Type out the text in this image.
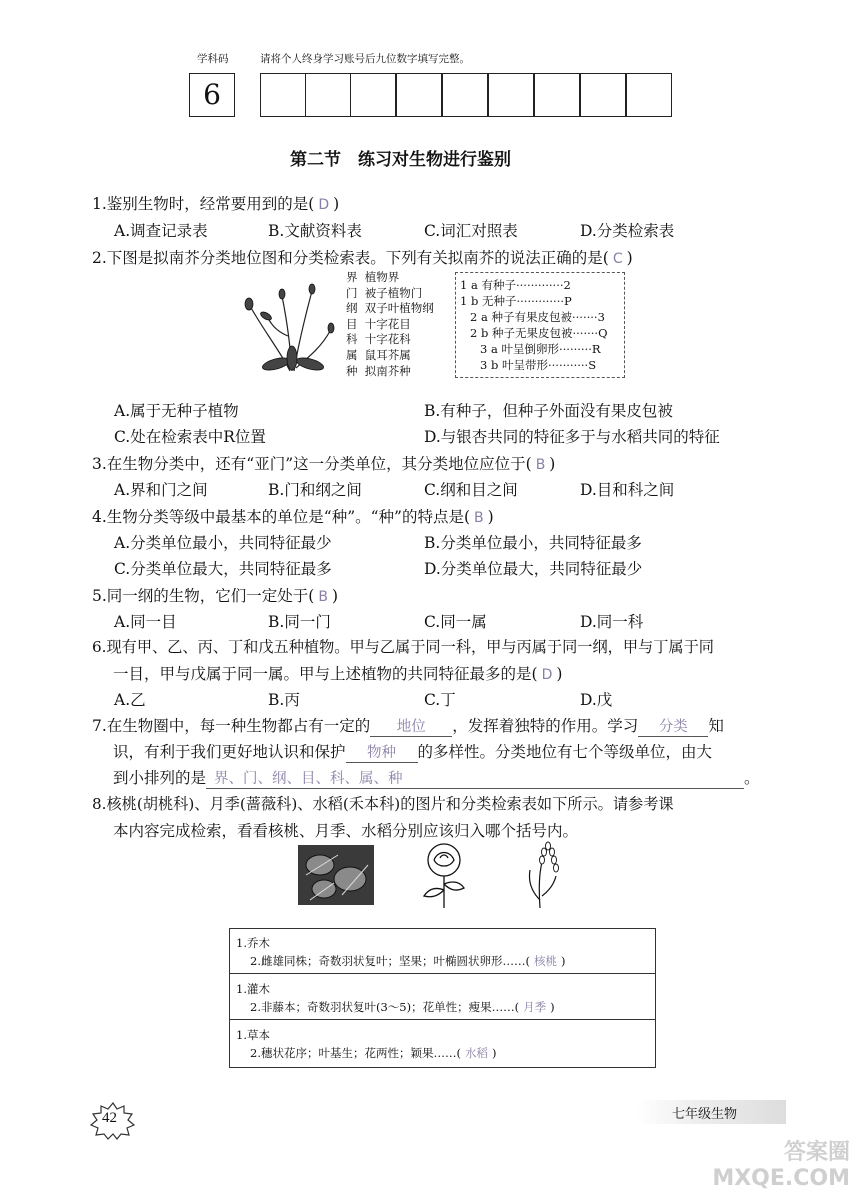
学科码	请将个人终身学习账号后九位数字填写完整。
6
第二节　练习对生物进行鉴别
1.鉴别生物时，经常要用到的是( D )
A.调查记录表	B.文献资料表	C.词汇对照表	D.分类检索表
2.下图是拟南芥分类地位图和分类检索表。下列有关拟南芥的说法正确的是( C )
界  植物界
门  被子植物门
纲  双子叶植物纲
目  十字花目
科  十字花科
属  鼠耳芥属
种  拟南芥种
1 a 有种子·············2
1 b 无种子·············P
2 a 种子有果皮包被·······3
2 b 种子无果皮包被·······Q
3 a 叶呈倒卵形·········R
3 b 叶呈带形···········S
A.属于无种子植物	B.有种子，但种子外面没有果皮包被
C.处在检索表中R位置	D.与银杏共同的特征多于与水稻共同的特征
3.在生物分类中，还有“亚门”这一分类单位，其分类地位应位于( B )
A.界和门之间	B.门和纲之间	C.纲和目之间	D.目和科之间
4.生物分类等级中最基本的单位是“种”。“种”的特点是( B )
A.分类单位最小，共同特征最少	B.分类单位最小，共同特征最多
C.分类单位最大，共同特征最多	D.分类单位最大，共同特征最少
5.同一纲的生物，它们一定处于( B )
A.同一目	B.同一门	C.同一属	D.同一科
6.现有甲、乙、丙、丁和戊五种植物。甲与乙属于同一科，甲与丙属于同一纲，甲与丁属于同
一目，甲与戊属于同一属。甲与上述植物的共同特征最多的是( D )
A.乙	B.丙	C.丁	D.戊
7.在生物圈中，每一种生物都占有一定的 地位 ，发挥着独特的作用。学习 分类 知
识，有利于我们更好地认识和保护 物种 的多样性。分类地位有七个等级单位，由大
到小排列的是 界、门、纲、目、科、属、种	。
8.核桃(胡桃科)、月季(蔷薇科)、水稻(禾本科)的图片和分类检索表如下所示。请参考课
本内容完成检索，看看核桃、月季、水稻分别应该归入哪个括号内。
1.乔木
2.雌雄同株；奇数羽状复叶；坚果；叶椭圆状卵形……( 核桃 )
1.灌木
2.非藤本；奇数羽状复叶(3～5)；花单性；瘦果……( 月季 )
1.草本
2.穗状花序；叶基生；花两性；颖果……( 水稻 )
42	七年级生物
答案圈 MXQE.COM
